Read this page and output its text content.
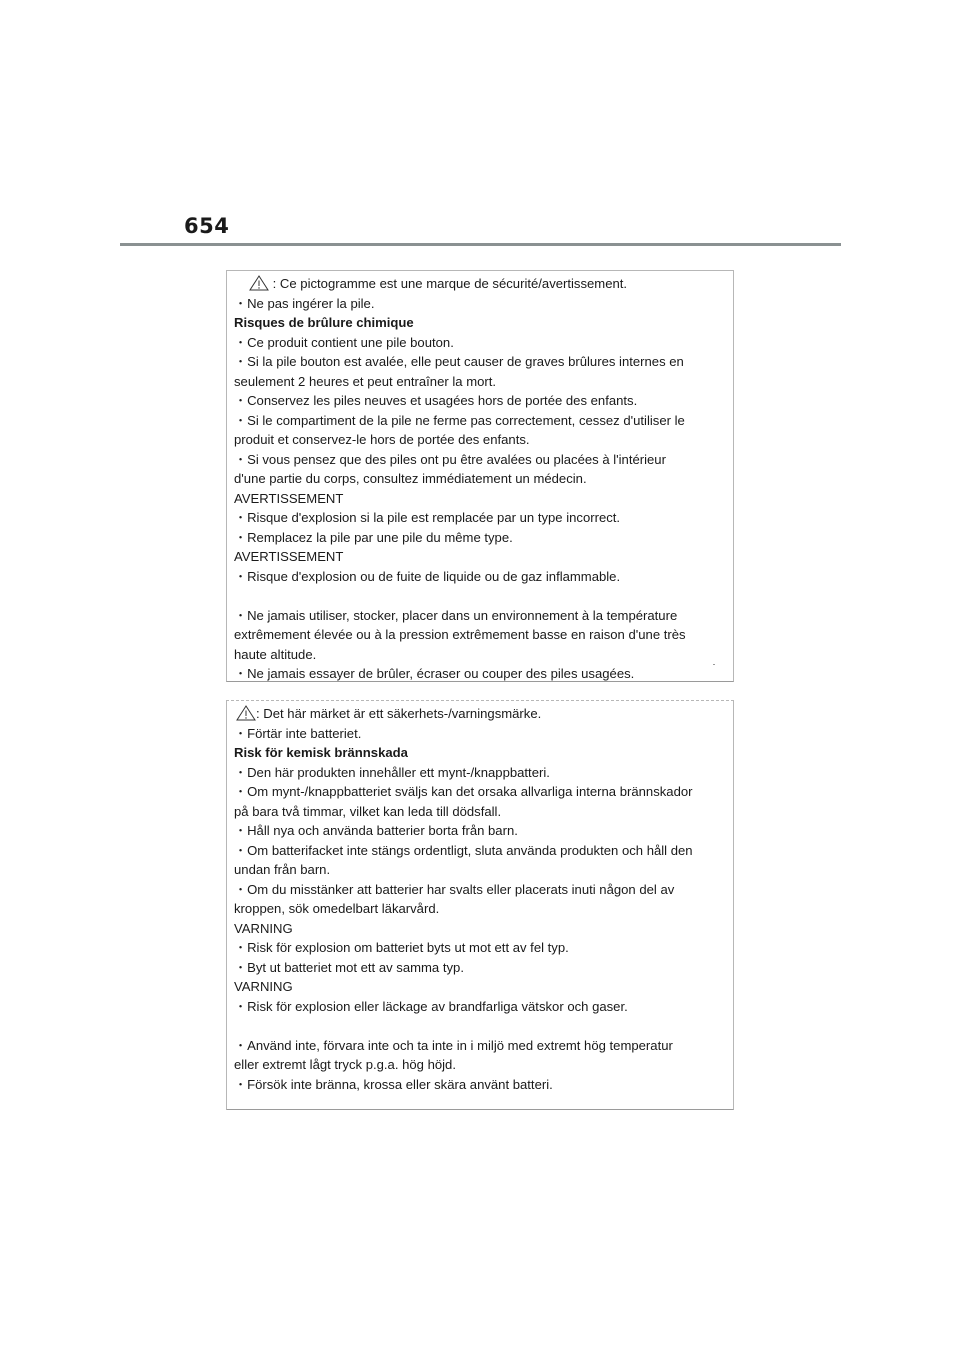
654
: Ce pictogramme est une marque de sécurité/avertissement.
・Ne pas ingérer la pile.
Risques de brûlure chimique
・Ce produit contient une pile bouton.
・Si la pile bouton est avalée, elle peut causer de graves brûlures internes en
seulement 2 heures et peut entraîner la mort.
・Conservez les piles neuves et usagées hors de portée des enfants.
・Si le compartiment de la pile ne ferme pas correctement, cessez d'utiliser le
produit et conservez-le hors de portée des enfants.
・Si vous pensez que des piles ont pu être avalées ou placées à l'intérieur
d'une partie du corps, consultez immédiatement un médecin.
AVERTISSEMENT
・Risque d'explosion si la pile est remplacée par un type incorrect.
・Remplacez la pile par une pile du même type.
AVERTISSEMENT
・Risque d'explosion ou de fuite de liquide ou de gaz inflammable.
・Ne jamais utiliser, stocker, placer dans un environnement à la température
extrêmement élevée ou à la pression extrêmement basse en raison d'une très
haute altitude.
・Ne jamais essayer de brûler, écraser ou couper des piles usagées.
: Det här märket är ett säkerhets-/varningsmärke.
・Förtär inte batteriet.
Risk för kemisk brännskada
・Den här produkten innehåller ett mynt-/knappbatteri.
・Om mynt-/knappbatteriet sväljs kan det orsaka allvarliga interna brännskador
på bara två timmar, vilket kan leda till dödsfall.
・Håll nya och använda batterier borta från barn.
・Om batterifacket inte stängs ordentligt, sluta använda produkten och håll den
undan från barn.
・Om du misstänker att batterier har svalts eller placerats inuti någon del av
kroppen, sök omedelbart läkarvård.
VARNING
・Risk för explosion om batteriet byts ut mot ett av fel typ.
・Byt ut batteriet mot ett av samma typ.
VARNING
・Risk för explosion eller läckage av brandfarliga vätskor och gaser.
・Använd inte, förvara inte och ta inte in i miljö med extremt hög temperatur
eller extremt lågt tryck p.g.a. hög höjd.
・Försök inte bränna, krossa eller skära använt batteri.
